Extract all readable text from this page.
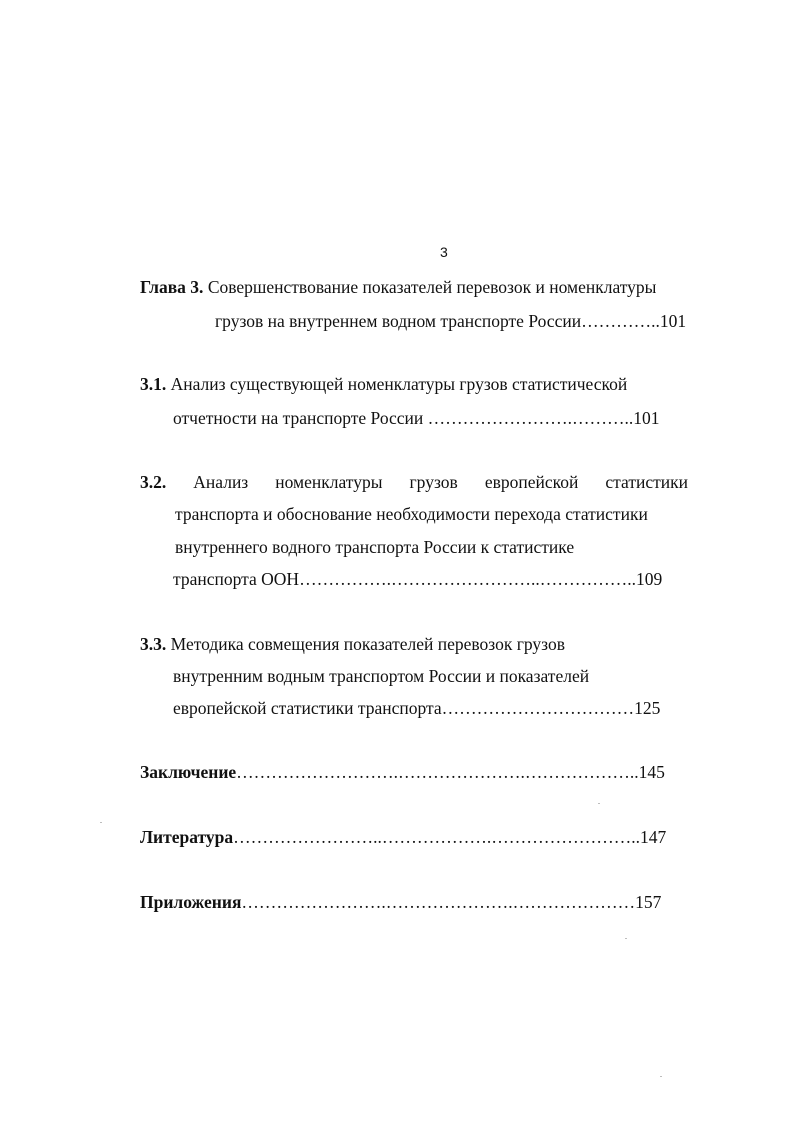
3
Глава 3. Совершенствование показателей перевозок и номенклатуры
грузов на внутреннем водном транспорте России…………..101
3.1. Анализ существующей номенклатуры грузов статистической
отчетности на транспорте России …………………….………..101
3.2. Анализ номенклатуры грузов европейской статистики
транспорта и обоснование необходимости перехода статистики
внутреннего водного транспорта России к статистике
транспорта ООН…………….……………………..……………..109
3.3. Методика совмещения показателей перевозок грузов
внутренним водным транспортом России и показателей
европейской статистики транспорта……………………………125
Заключение……………………….………………….………………..145
Литература……………………..……………….……………………..147
Приложения…………………….………………….…………………157
